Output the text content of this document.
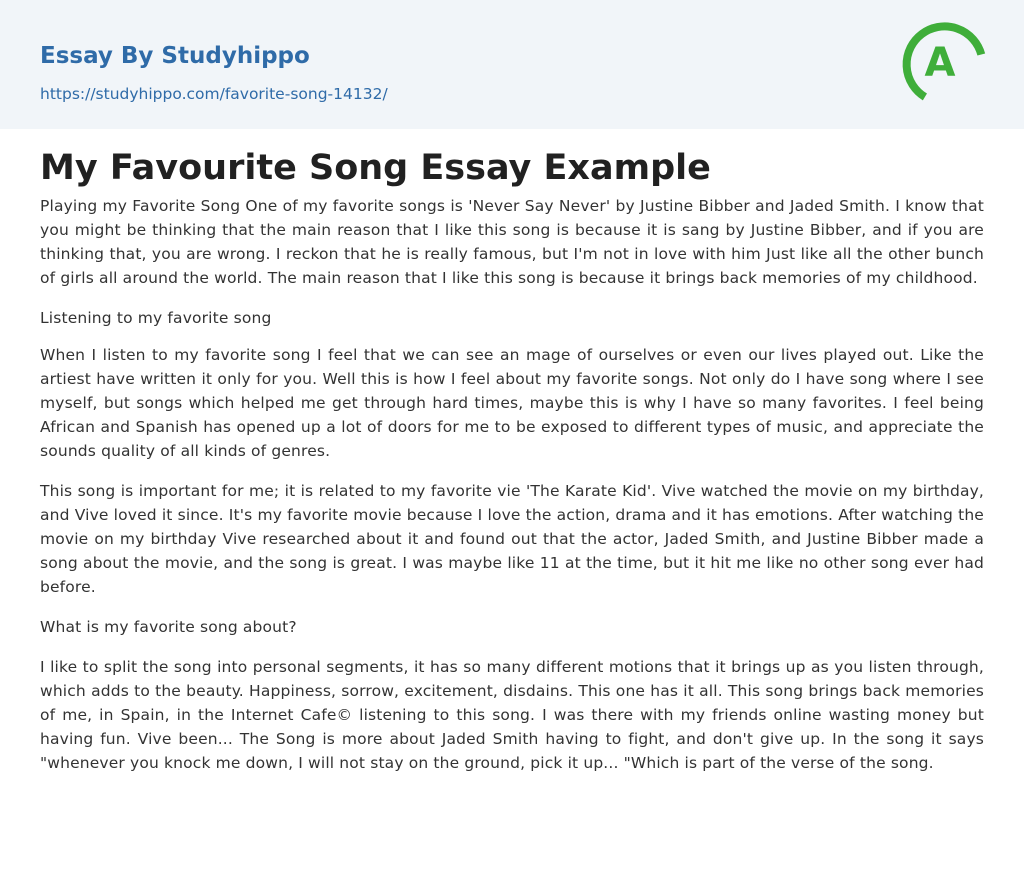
Essay By Studyhippo
https://studyhippo.com/favorite-song-14132/
A
My Favourite Song Essay Example

Playing my Favorite Song One of my favorite songs is 'Never Say Never' by Justine Bibber and Jaded Smith. I know that you might be thinking that the main reason that I like this song is because it is sang by Justine Bibber, and if you are thinking that, you are wrong. I reckon that he is really famous, but I'm not in love with him Just like all the other bunch of girls all around the world. The main reason that I like this song is because it brings back memories of my childhood.

Listening to my favorite song

When I listen to my favorite song I feel that we can see an mage of ourselves or even our lives played out. Like the artiest have written it only for you. Well this is how I feel about my favorite songs. Not only do I have song where I see myself, but songs which helped me get through hard times, maybe this is why I have so many favorites. I feel being African and Spanish has opened up a lot of doors for me to be exposed to different types of music, and appreciate the sounds quality of all kinds of genres.

This song is important for me; it is related to my favorite vie 'The Karate Kid'. Vive watched the movie on my birthday, and Vive loved it since. It's my favorite movie because I love the action, drama and it has emotions. After watching the movie on my birthday Vive researched about it and found out that the actor, Jaded Smith, and Justine Bibber made a song about the movie, and the song is great. I was maybe like 11 at the time, but it hit me like no other song ever had before.

What is my favorite song about?

I like to split the song into personal segments, it has so many different motions that it brings up as you listen through, which adds to the beauty. Happiness, sorrow, excitement, disdains. This one has it all. This song brings back memories of me, in Spain, in the Internet Cafe© listening to this song. I was there with my friends online wasting money but having fun. Vive been... The Song is more about Jaded Smith having to fight, and don't give up. In the song it says "whenever you knock me down, I will not stay on the ground, pick it up... "Which is part of the verse of the song.
